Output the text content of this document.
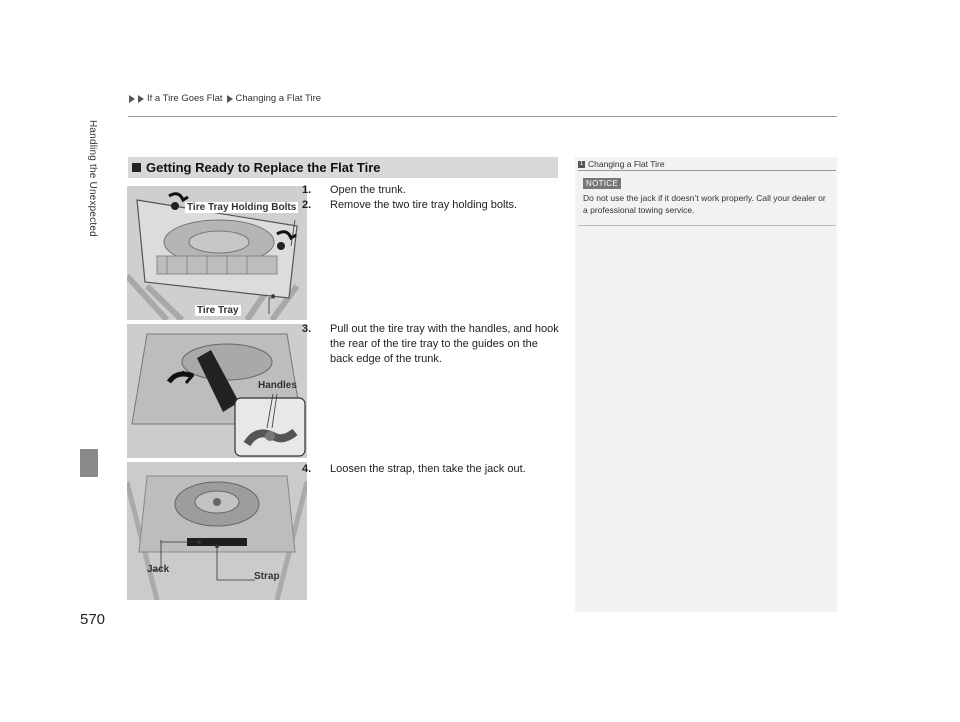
If a Tire Goes Flat Changing a Flat Tire
Handling the Unexpected
570
Getting Ready to Replace the Flat Tire
Tire Tray Holding Bolts
Tire Tray
1. Open the trunk.
2. Remove the two tire tray holding bolts.
Handles
3. Pull out the tire tray with the handles, and hook the rear of the tire tray to the guides on the back edge of the trunk.
Jack
Strap
4. Loosen the strap, then take the jack out.
1 Changing a Flat Tire
NOTICE
Do not use the jack if it doesn’t work properly. Call your dealer or a professional towing service.
